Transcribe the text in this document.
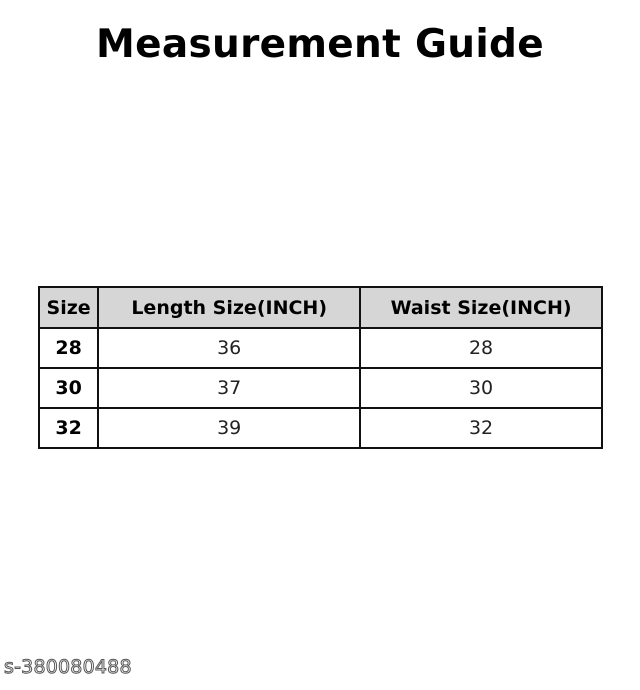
Measurement Guide
Size	Length Size(INCH)	Waist Size(INCH)
28	36	28
30	37	30
32	39	32
s-380080488
